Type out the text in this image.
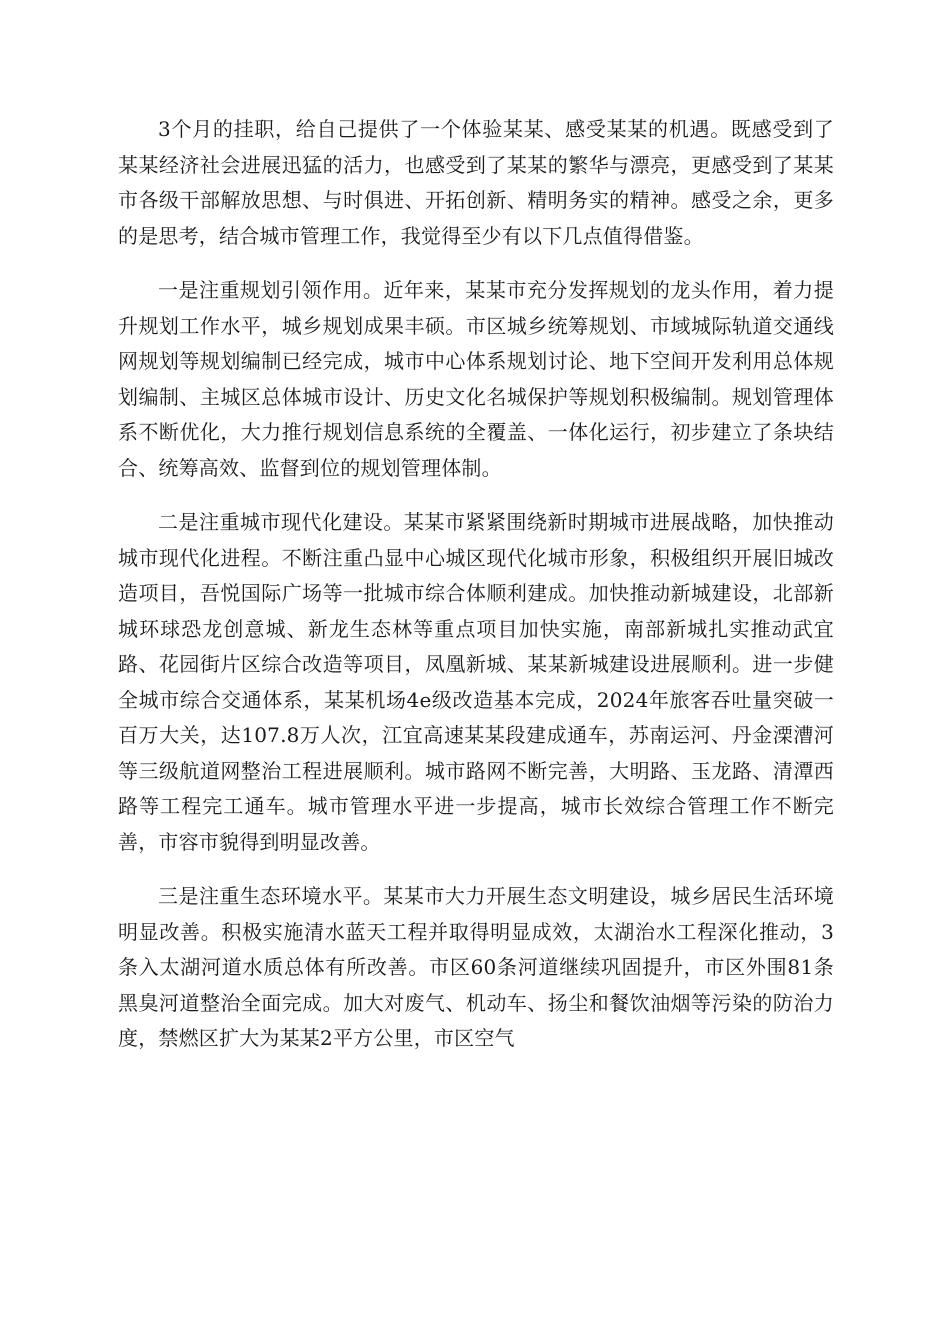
3个月的挂职，给自己提供了一个体验某某、感受某某的机遇。既感受到了某某经济社会进展迅猛的活力，也感受到了某某的繁华与漂亮，更感受到了某某市各级干部解放思想、与时俱进、开拓创新、精明务实的精神。感受之余，更多的是思考，结合城市管理工作，我觉得至少有以下几点值得借鉴。

一是注重规划引领作用。近年来，某某市充分发挥规划的龙头作用，着力提升规划工作水平，城乡规划成果丰硕。市区城乡统筹规划、市域城际轨道交通线网规划等规划编制已经完成，城市中心体系规划讨论、地下空间开发利用总体规划编制、主城区总体城市设计、历史文化名城保护等规划积极编制。规划管理体系不断优化，大力推行规划信息系统的全覆盖、一体化运行，初步建立了条块结合、统筹高效、监督到位的规划管理体制。

二是注重城市现代化建设。某某市紧紧围绕新时期城市进展战略，加快推动城市现代化进程。不断注重凸显中心城区现代化城市形象，积极组织开展旧城改造项目，吾悦国际广场等一批城市综合体顺利建成。加快推动新城建设，北部新城环球恐龙创意城、新龙生态林等重点项目加快实施，南部新城扎实推动武宜路、花园街片区综合改造等项目，凤凰新城、某某新城建设进展顺利。进一步健全城市综合交通体系，某某机场4e级改造基本完成，2024年旅客吞吐量突破一百万大关，达107.8万人次，江宜高速某某段建成通车，苏南运河、丹金溧漕河等三级航道网整治工程进展顺利。城市路网不断完善，大明路、玉龙路、清潭西路等工程完工通车。城市管理水平进一步提高，城市长效综合管理工作不断完善，市容市貌得到明显改善。

三是注重生态环境水平。某某市大力开展生态文明建设，城乡居民生活环境明显改善。积极实施清水蓝天工程并取得明显成效，太湖治水工程深化推动，3条入太湖河道水质总体有所改善。市区60条河道继续巩固提升，市区外围81条黑臭河道整治全面完成。加大对废气、机动车、扬尘和餐饮油烟等污染的防治力度，禁燃区扩大为某某2平方公里，市区空气
